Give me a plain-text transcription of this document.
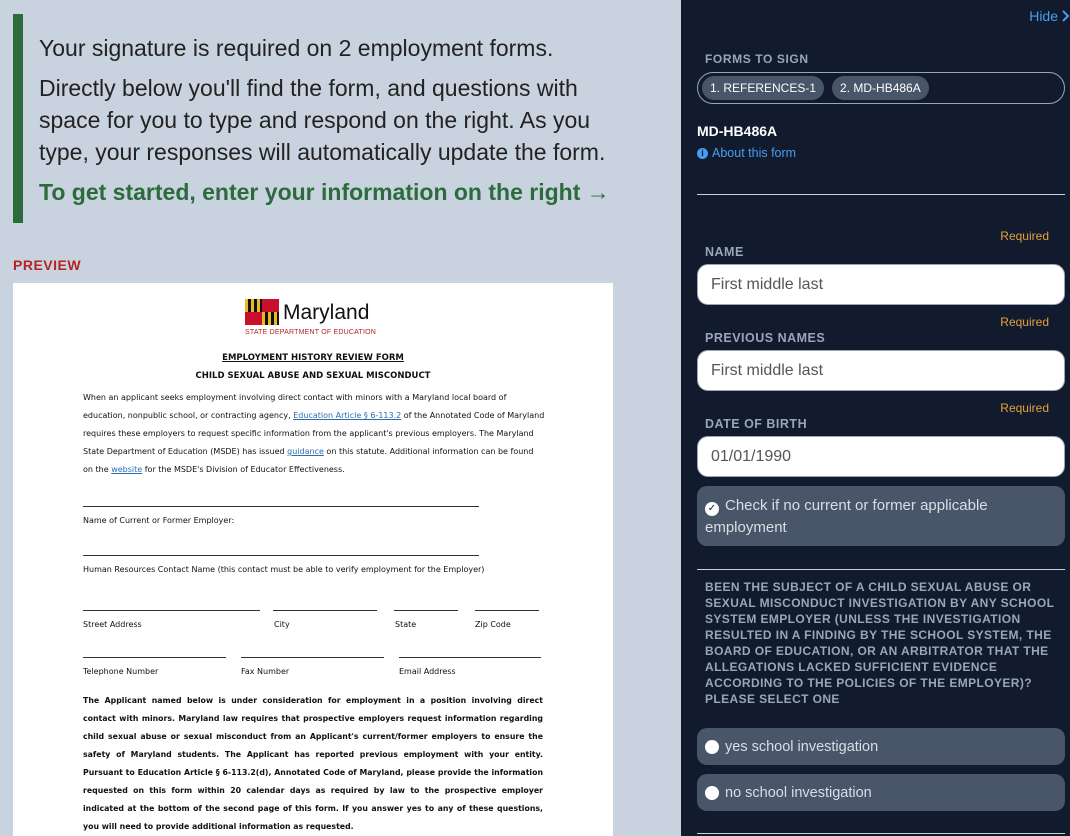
Your signature is required on 2 employment forms.

Directly below you'll find the form, and questions with space for you to type and respond on the right. As you type, your responses will automatically update the form.

To get started, enter your information on the right →

PREVIEW
Maryland
STATE DEPARTMENT OF EDUCATION
EMPLOYMENT HISTORY REVIEW FORM
CHILD SEXUAL ABUSE AND SEXUAL MISCONDUCT

When an applicant seeks employment involving direct contact with minors with a Maryland local board of education, nonpublic school, or contracting agency, Education Article § 6-113.2 of the Annotated Code of Maryland requires these employers to request specific information from the applicant's previous employers. The Maryland State Department of Education (MSDE) has issued guidance on this statute. Additional information can be found on the website for the MSDE's Division of Educator Effectiveness.

Name of Current or Former Employer:
Human Resources Contact Name (this contact must be able to verify employment for the Employer)
Street Address	City	State	Zip Code
Telephone Number	Fax Number	Email Address

The Applicant named below is under consideration for employment in a position involving direct contact with minors. Maryland law requires that prospective employers request information regarding child sexual abuse or sexual misconduct from an Applicant's current/former employers to ensure the safety of Maryland students. The Applicant has reported previous employment with your entity. Pursuant to Education Article § 6-113.2(d), Annotated Code of Maryland, please provide the information requested on this form within 20 calendar days as required by law to the prospective employer indicated at the bottom of the second page of this form. If you answer yes to any of these questions, you will need to provide additional information as requested.

Hide
FORMS TO SIGN
1. REFERENCES-1	2. MD-HB486A
MD-HB486A
i About this form
Required
NAME
First middle last
Required
PREVIOUS NAMES
First middle last
Required
DATE OF BIRTH
01/01/1990
✓ Check if no current or former applicable employment
BEEN THE SUBJECT OF A CHILD SEXUAL ABUSE OR SEXUAL MISCONDUCT INVESTIGATION BY ANY SCHOOL SYSTEM EMPLOYER (UNLESS THE INVESTIGATION RESULTED IN A FINDING BY THE SCHOOL SYSTEM, THE BOARD OF EDUCATION, OR AN ARBITRATOR THAT THE ALLEGATIONS LACKED SUFFICIENT EVIDENCE ACCORDING TO THE POLICIES OF THE EMPLOYER)? PLEASE SELECT ONE
yes school investigation
no school investigation
